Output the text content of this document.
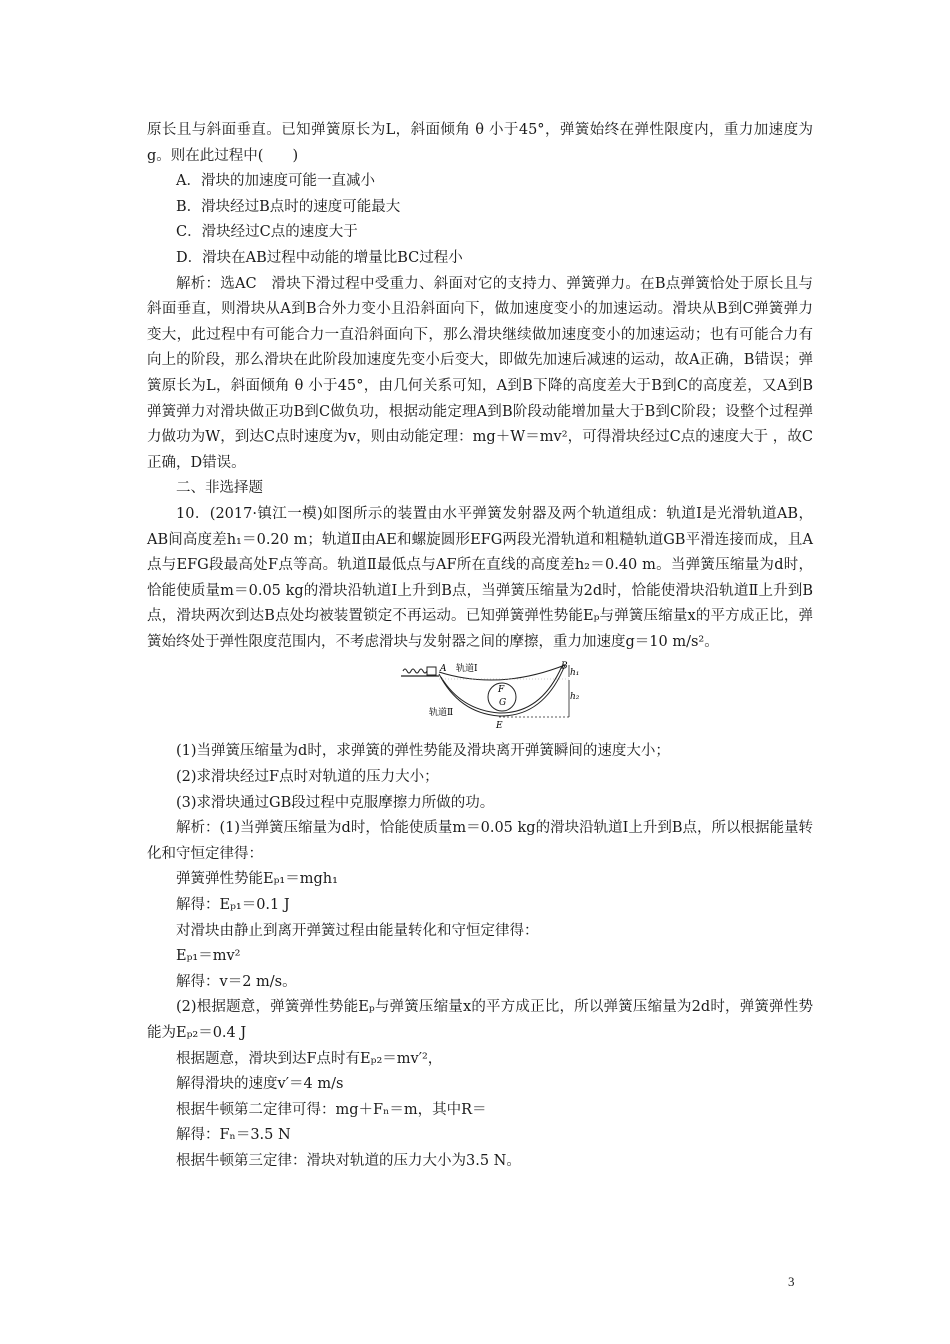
原长且与斜面垂直。已知弹簧原长为L，斜面倾角 θ 小于45°，弹簧始终在弹性限度内，重力加速度为g。则在此过程中(　　)

A．滑块的加速度可能一直减小

B．滑块经过B点时的速度可能最大

C．滑块经过C点的速度大于

D．滑块在AB过程中动能的增量比BC过程小

解析：选AC　滑块下滑过程中受重力、斜面对它的支持力、弹簧弹力。在B点弹簧恰处于原长且与斜面垂直，则滑块从A到B合外力变小且沿斜面向下，做加速度变小的加速运动。滑块从B到C弹簧弹力变大，此过程中有可能合力一直沿斜面向下，那么滑块继续做加速度变小的加速运动；也有可能合力有向上的阶段，那么滑块在此阶段加速度先变小后变大，即做先加速后减速的运动，故A正确，B错误；弹簧原长为L，斜面倾角 θ 小于45°，由几何关系可知，A到B下降的高度差大于B到C的高度差，又A到B弹簧弹力对滑块做正功B到C做负功，根据动能定理A到B阶段动能增加量大于B到C阶段；设整个过程弹力做功为W，到达C点时速度为v，则由动能定理：mg＋W＝mv²，可得滑块经过C点的速度大于 ，故C正确，D错误。

二、非选择题

10．(2017·镇江一模)如图所示的装置由水平弹簧发射器及两个轨道组成：轨道Ⅰ是光滑轨道AB，AB间高度差h₁＝0.20 m；轨道Ⅱ由AE和螺旋圆形EFG两段光滑轨道和粗糙轨道GB平滑连接而成，且A点与EFG段最高处F点等高。轨道Ⅱ最低点与AF所在直线的高度差h₂＝0.40 m。当弹簧压缩量为d时，恰能使质量m＝0.05 kg的滑块沿轨道Ⅰ上升到B点，当弹簧压缩量为2d时，恰能使滑块沿轨道Ⅱ上升到B点，滑块两次到达B点处均被装置锁定不再运动。已知弹簧弹性势能Eₚ与弹簧压缩量x的平方成正比，弹簧始终处于弹性限度范围内，不考虑滑块与发射器之间的摩擦，重力加速度g＝10 m/s²。

A 轨道Ⅰ	B
h₁
h₂
F
G
轨道Ⅱ
E

(1)当弹簧压缩量为d时，求弹簧的弹性势能及滑块离开弹簧瞬间的速度大小；

(2)求滑块经过F点时对轨道的压力大小；

(3)求滑块通过GB段过程中克服摩擦力所做的功。

解析：(1)当弹簧压缩量为d时，恰能使质量m＝0.05 kg的滑块沿轨道Ⅰ上升到B点，所以根据能量转化和守恒定律得：

弹簧弹性势能Eₚ₁＝mgh₁

解得：Eₚ₁＝0.1 J

对滑块由静止到离开弹簧过程由能量转化和守恒定律得：

Eₚ₁＝mv²

解得：v＝2 m/s。

(2)根据题意，弹簧弹性势能Eₚ与弹簧压缩量x的平方成正比，所以弹簧压缩量为2d时，弹簧弹性势能为Eₚ₂＝0.4 J

根据题意，滑块到达F点时有Eₚ₂＝mv′²，

解得滑块的速度v′＝4 m/s

根据牛顿第二定律可得：mg＋Fₙ＝m，其中R＝

解得：Fₙ＝3.5 N

根据牛顿第三定律：滑块对轨道的压力大小为3.5 N。

3
